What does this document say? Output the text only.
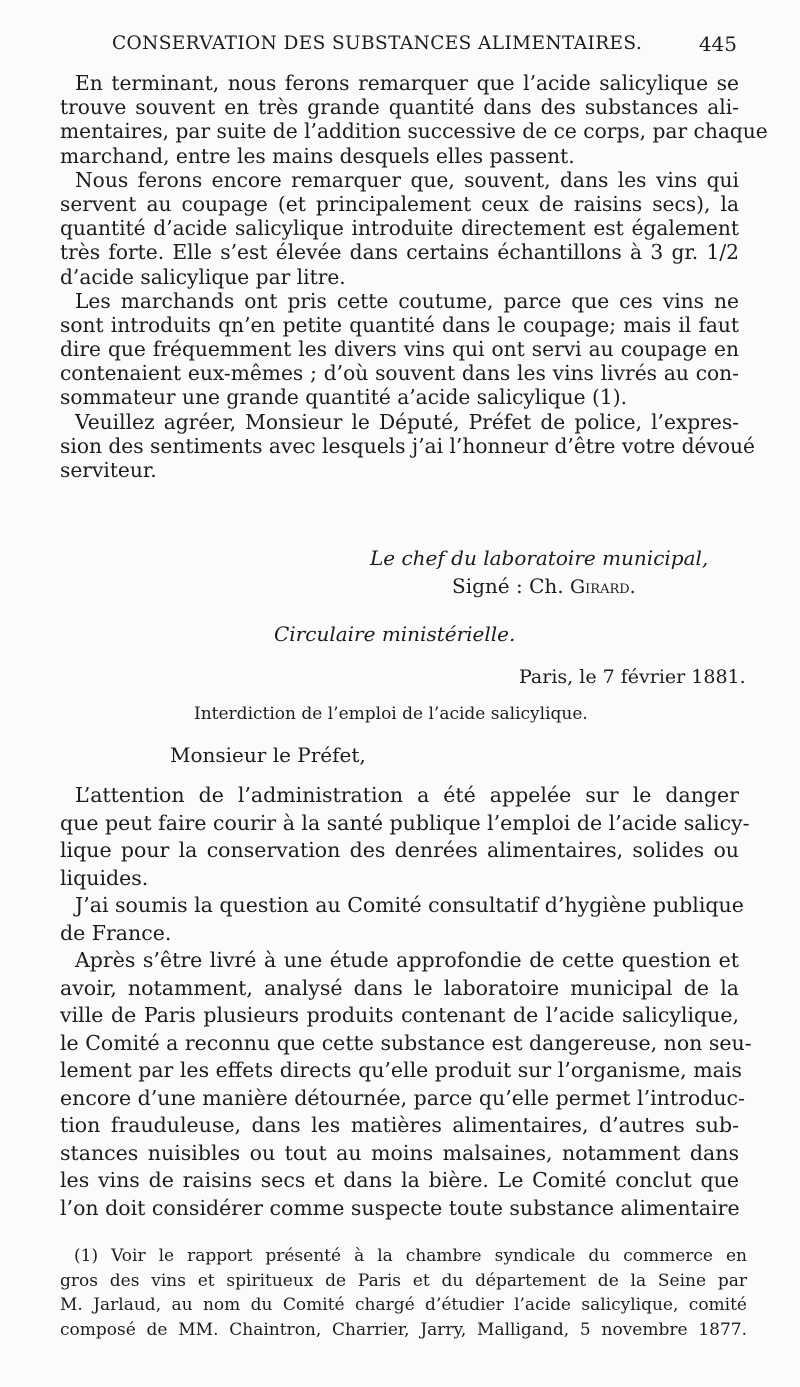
CONSERVATION DES SUBSTANCES ALIMENTAIRES.	445
En terminant, nous ferons remarquer que l’acide salicylique se
trouve souvent en très grande quantité dans des substances ali-
mentaires, par suite de l’addition successive de ce corps, par chaque
marchand, entre les mains desquels elles passent.
Nous ferons encore remarquer que, souvent, dans les vins qui
servent au coupage (et principalement ceux de raisins secs), la
quantité d’acide salicylique introduite directement est également
très forte. Elle s’est élevée dans certains échantillons à 3 gr. 1/2
d’acide salicylique par litre.
Les marchands ont pris cette coutume, parce que ces vins ne
sont introduits qn’en petite quantité dans le coupage; mais il faut
dire que fréquemment les divers vins qui ont servi au coupage en
contenaient eux-mêmes ; d’où souvent dans les vins livrés au con-
sommateur une grande quantité a’acide salicylique (1).
Veuillez agréer, Monsieur le Député, Préfet de police, l’expres-
sion des sentiments avec lesquels j’ai l’honneur d’être votre dévoué
serviteur.
Le chef du laboratoire municipal,
Signé : Ch. Girard.
Circulaire ministérielle.
Paris, le 7 février 1881.
Interdiction de l’emploi de l’acide salicylique.
Monsieur le Préfet,
L’attention de l’administration a été appelée sur le danger
que peut faire courir à la santé publique l’emploi de l’acide salicy-
lique pour la conservation des denrées alimentaires, solides ou
liquides.
J’ai soumis la question au Comité consultatif d’hygiène publique
de France.
Après s’être livré à une étude approfondie de cette question et
avoir, notamment, analysé dans le laboratoire municipal de la
ville de Paris plusieurs produits contenant de l’acide salicylique,
le Comité a reconnu que cette substance est dangereuse, non seu-
lement par les effets directs qu’elle produit sur l’organisme, mais
encore d’une manière détournée, parce qu’elle permet l’introduc-
tion frauduleuse, dans les matières alimentaires, d’autres sub-
stances nuisibles ou tout au moins malsaines, notamment dans
les vins de raisins secs et dans la bière. Le Comité conclut que
l’on doit considérer comme suspecte toute substance alimentaire
(1) Voir le rapport présenté à la chambre syndicale du commerce en
gros des vins et spiritueux de Paris et du département de la Seine par
M. Jarlaud, au nom du Comité chargé d’étudier l’acide salicylique, comité
composé de MM. Chaintron, Charrier, Jarry, Malligand, 5 novembre 1877.
